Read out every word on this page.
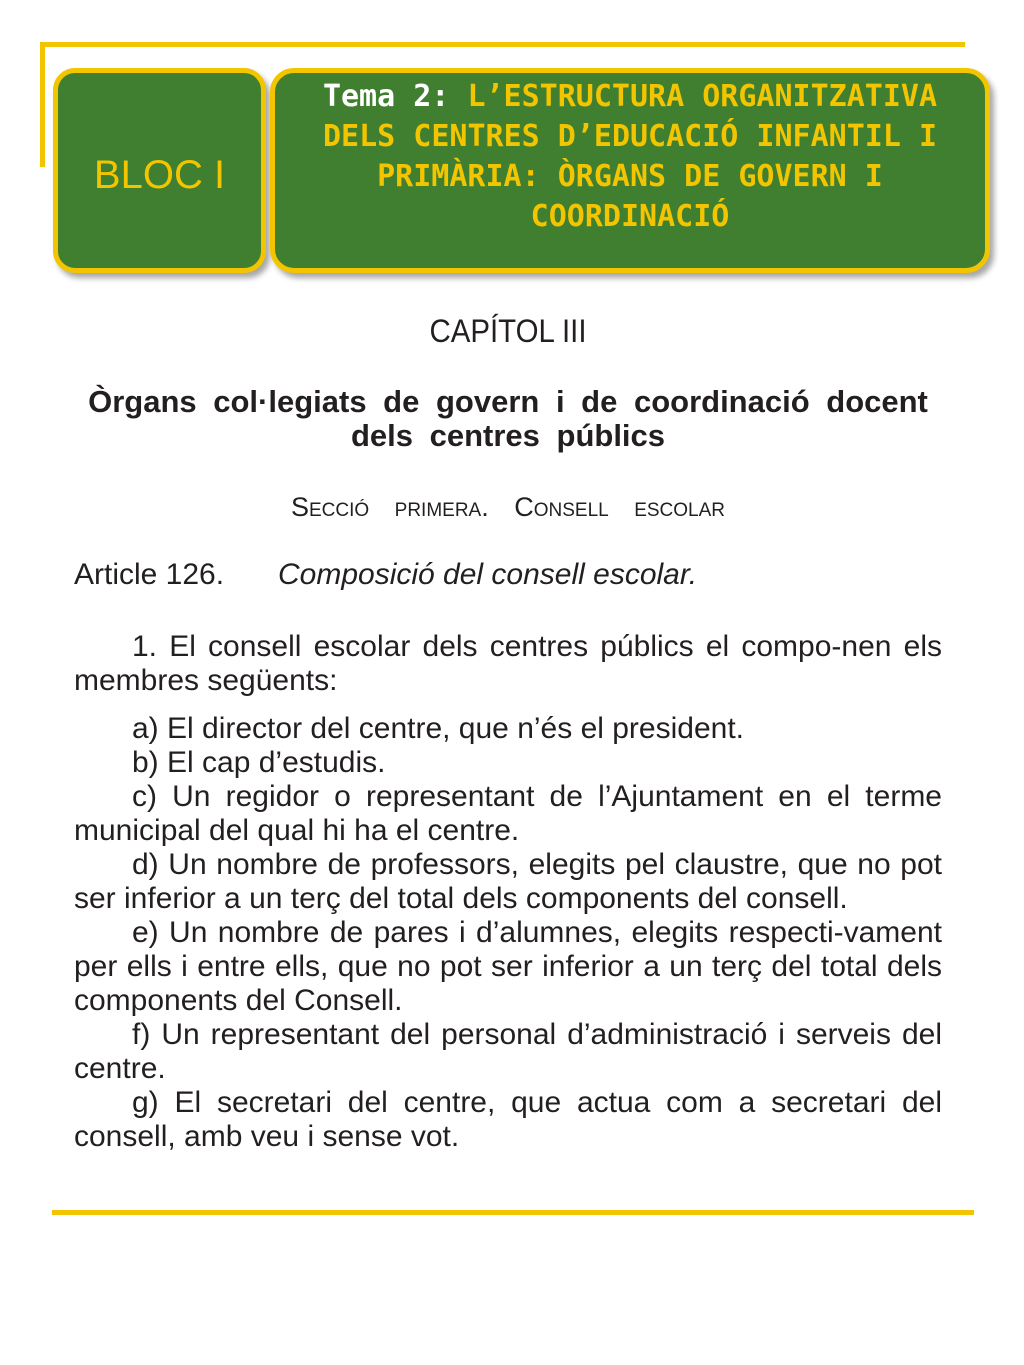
BLOC I
Tema 2: L’ESTRUCTURA ORGANITZATIVA DELS CENTRES D’EDUCACIÓ INFANTIL I PRIMÀRIA: ÒRGANS DE GOVERN I COORDINACIÓ
CAPÍTOL III
Òrgans col·legiats de govern i de coordinació docent dels centres públics
Secció primera. Consell escolar
Article 126. Composició del consell escolar.
1. El consell escolar dels centres públics el compo-nen els membres següents:
a) El director del centre, que n’és el president.
b) El cap d’estudis.
c) Un regidor o representant de l’Ajuntament en el terme municipal del qual hi ha el centre.
d) Un nombre de professors, elegits pel claustre, que no pot ser inferior a un terç del total dels components del consell.
e) Un nombre de pares i d’alumnes, elegits respecti-vament per ells i entre ells, que no pot ser inferior a un terç del total dels components del Consell.
f) Un representant del personal d’administració i serveis del centre.
g) El secretari del centre, que actua com a secretari del consell, amb veu i sense vot.
